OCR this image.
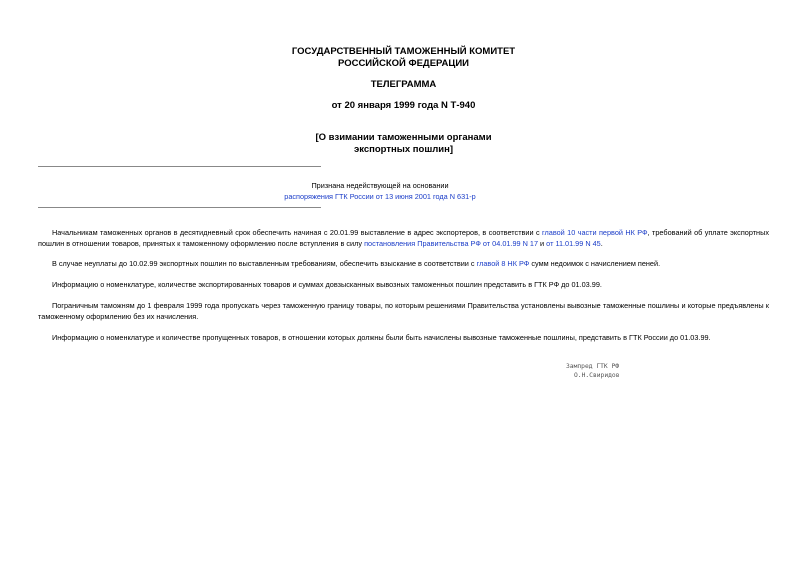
ГОСУДАРСТВЕННЫЙ ТАМОЖЕННЫЙ КОМИТЕТ
РОССИЙСКОЙ ФЕДЕРАЦИИ
ТЕЛЕГРАММА
от 20 января 1999 года N Т-940
[О взимании таможенными органами
экспортных пошлин]
Признана недействующей на основании
распоряжения ГТК России от 13 июня 2001 года N 631-р

Начальникам таможенных органов в десятидневный срок обеспечить начиная с 20.01.99 выставление в адрес экспортеров, в соответствии с главой 10 части первой НК РФ, требований об уплате экспортных пошлин в отношении товаров, принятых к таможенному оформлению после вступления в силу постановления Правительства РФ от 04.01.99 N 17 и от 11.01.99 N 45.

В случае неуплаты до 10.02.99 экспортных пошлин по выставленным требованиям, обеспечить взыскание в соответствии с главой 8 НК РФ сумм недоимок с начислением пеней.

Информацию о номенклатуре, количестве экспортированных товаров и суммах довзысканных вывозных таможенных пошлин представить в ГТК РФ до 01.03.99.

Пограничным таможням до 1 февраля 1999 года пропускать через таможенную границу товары, по которым решениями Правительства установлены вывозные таможенные пошлины и которые предъявлены к таможенному оформлению без их начисления.

Информацию о номенклатуре и количестве пропущенных товаров, в отношении которых должны были быть начислены вывозные таможенные пошлины, представить в ГТК России до 01.03.99.

Зампред ГТК РФ
О.Н.Свиридов
